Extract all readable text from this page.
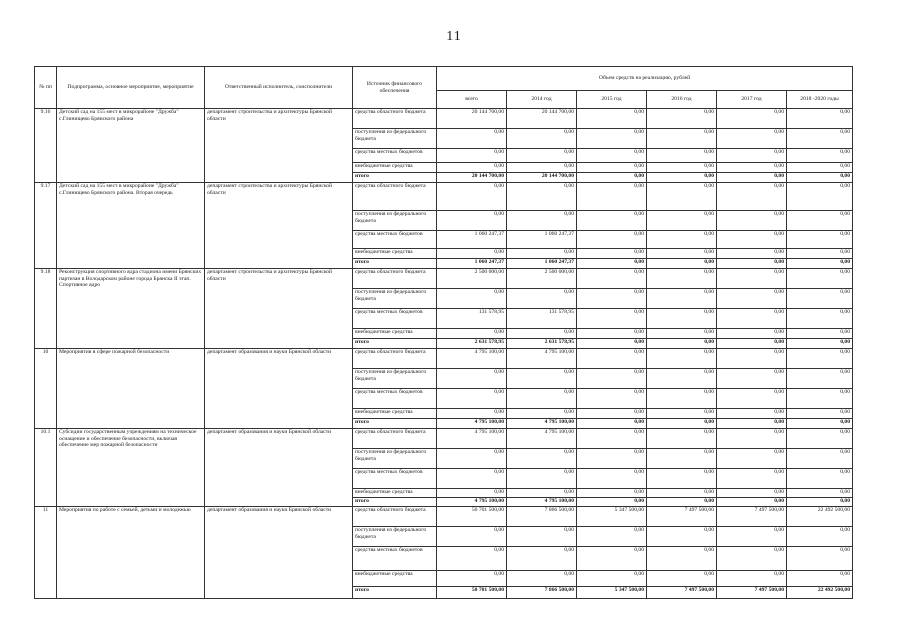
11
№ пп	Подпрограмма, основное мероприятие, мероприятие	Ответственный исполнитель, соисполнители	Источник финансового обеспечения	Объем средств на реализацию, рублей					
				всего	2014 год	2015 год	2016 год	2017 год	2018 -2020 годы
9.16	Детский сад на 155 мест в микрорайоне "Дружба" с.Глинищево Брянского района	департамент строительства и архитектуры Брянской области	средства областного бюджета	20 144 700,00	20 144 700,00	0,00	0,00	0,00	0,00
			поступления из федерального бюджета	0,00	0,00	0,00	0,00	0,00	0,00
			средства местных бюджетов	0,00	0,00	0,00	0,00	0,00	0,00
			внебюджетные средства	0,00	0,00	0,00	0,00	0,00	0,00
			итого	20 144 700,00	20 144 700,00	0,00	0,00	0,00	0,00
9.17	Детский сад на 155 мест в микрорайоне "Дружба" с.Глинищево Брянского района. Вторая очередь	департамент строительства и архитектуры Брянской области	средства областного бюджета	0,00	0,00	0,00	0,00	0,00	0,00
			поступления из федерального бюджета	0,00	0,00	0,00	0,00	0,00	0,00
			средства местных бюджетов	1 060 247,37	1 060 247,37	0,00	0,00	0,00	0,00
			внебюджетные средства	0,00	0,00	0,00	0,00	0,00	0,00
			итого	1 060 247,37	1 060 247,37	0,00	0,00	0,00	0,00
9.18	Реконструкция спортивного ядра стадиона имени Брянских партизан в Володарском районе города Брянска II этап. Спортивное ядро	департамент строительства и архитектуры Брянской области	средства областного бюджета	2 500 000,00	2 500 000,00	0,00	0,00	0,00	0,00
			поступления из федерального бюджета	0,00	0,00	0,00	0,00	0,00	0,00
			средства местных бюджетов	131 578,95	131 578,95	0,00	0,00	0,00	0,00
			внебюджетные средства	0,00	0,00	0,00	0,00	0,00	0,00
			итого	2 631 578,95	2 631 578,95	0,00	0,00	0,00	0,00
10	Мероприятия в сфере пожарной безопасности	департамент образования и науки Брянской области	средства областного бюджета	4 795 100,00	4 795 100,00	0,00	0,00	0,00	0,00
			поступления из федерального бюджета	0,00	0,00	0,00	0,00	0,00	0,00
			средства местных бюджетов	0,00	0,00	0,00	0,00	0,00	0,00
			внебюджетные средства	0,00	0,00	0,00	0,00	0,00	0,00
			итого	4 795 100,00	4 795 100,00	0,00	0,00	0,00	0,00
10.1	Субсидии государственным учреждениям на техническое оснащение и обеспечение безопасности, включая обеспечение мер пожарной безопасности	департамент образования и науки Брянской области	средства областного бюджета	4 795 100,00	4 795 100,00	0,00	0,00	0,00	0,00
			поступления из федерального бюджета	0,00	0,00	0,00	0,00	0,00	0,00
			средства местных бюджетов	0,00	0,00	0,00	0,00	0,00	0,00
			внебюджетные средства	0,00	0,00	0,00	0,00	0,00	0,00
			итого	4 795 100,00	4 795 100,00	0,00	0,00	0,00	0,00
11	Мероприятия по работе с семьей, детьми и молодежью	департамент образования и науки Брянской области	средства областного бюджета	50 701 500,00	7 866 500,00	5 347 500,00	7 497 500,00	7 497 500,00	22 492 500,00
			поступления из федерального бюджета	0,00	0,00	0,00	0,00	0,00	0,00
			средства местных бюджетов	0,00	0,00	0,00	0,00	0,00	0,00
			внебюджетные средства	0,00	0,00	0,00	0,00	0,00	0,00
			итого	50 701 500,00	7 866 500,00	5 347 500,00	7 497 500,00	7 497 500,00	22 492 500,00
